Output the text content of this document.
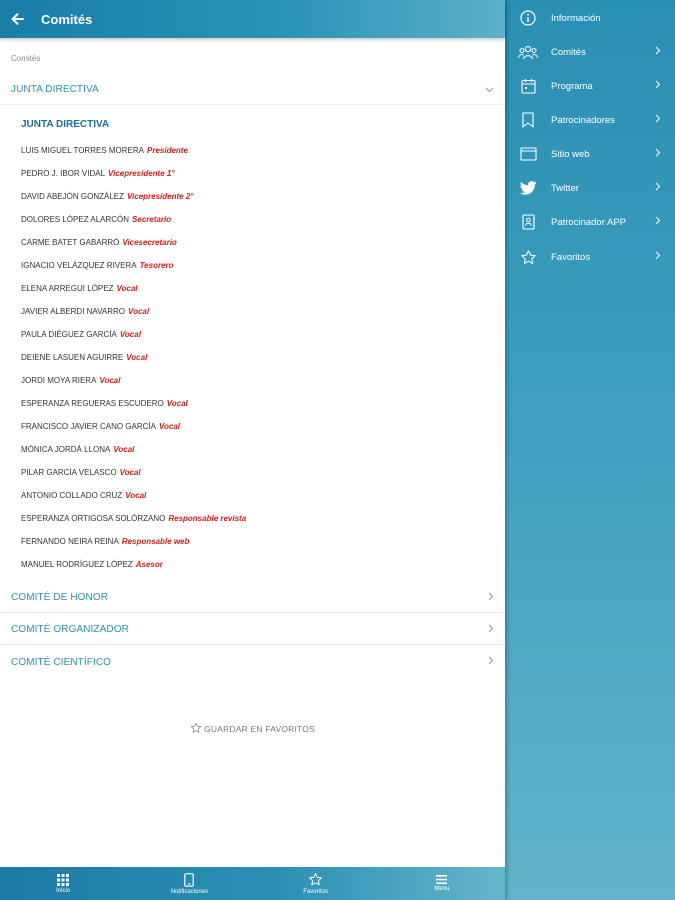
Comités
Comités
JUNTA DIRECTIVA
JUNTA DIRECTIVA
LUIS MIGUEL TORRES MORERA Presidente
PEDRO J. IBOR VIDAL Vicepresidente 1°
DAVID ABEJÓN GONZÁLEZ Vicepresidente 2°
DOLORES LÓPEZ ALARCÓN Secretario
CARME BATET GABARRÓ Vicesecretario
IGNACIO VELÁZQUEZ RIVERA Tesorero
ELENA ARREGUI LÓPEZ Vocal
JAVIER ALBERDI NAVARRO Vocal
PAULA DIÉGUEZ GARCÍA Vocal
DEIENE LASUEN AGUIRRE Vocal
JORDI MOYA RIERA Vocal
ESPERANZA REGUERAS ESCUDERO Vocal
FRANCISCO JAVIER CANO GARCÍA Vocal
MÓNICA JORDÁ LLONA Vocal
PILAR GARCÍA VELASCO Vocal
ANTONIO COLLADO CRUZ Vocal
ESPERANZA ORTIGOSA SOLÓRZANO Responsable revista
FERNANDO NEIRA REINA Responsable web
MANUEL RODRÍGUEZ LÓPEZ Asesor
COMITÉ DE HONOR
COMITÉ ORGANIZADOR
COMITÉ CIENTÍFICO
GUARDAR EN FAVORITOS
Inicio	Notificaciones	Favoritos	Menu
Información
Comités
Programa
Patrocinadores
Sitio web
Twitter
Patrocinador APP
Favoritos
